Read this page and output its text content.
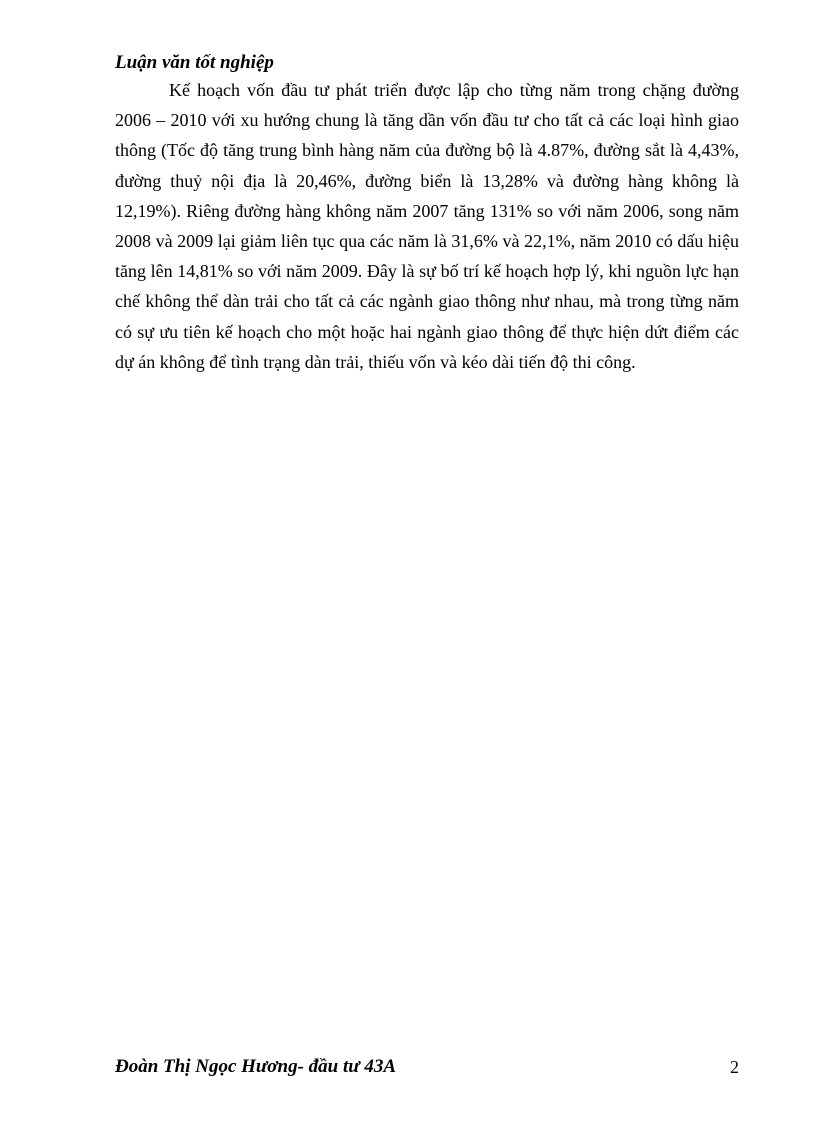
Luận văn tốt nghiệp

Kế hoạch vốn đầu tư phát triển được lập cho từng năm trong chặng đường 2006 – 2010 với xu hướng chung là tăng dần vốn đầu tư cho tất cả các loại hình giao thông (Tốc độ tăng trung bình hàng năm của đường bộ là 4.87%, đường sắt là 4,43%, đường thuỷ nội địa là 20,46%, đường biển là 13,28% và đường hàng không là 12,19%). Riêng đường hàng không năm 2007 tăng 131% so với năm 2006, song năm 2008 và 2009 lại giảm liên tục qua các năm là 31,6% và 22,1%, năm 2010 có dấu hiệu tăng lên 14,81% so với năm 2009. Đây là sự bố trí kế hoạch hợp lý, khi nguồn lực hạn chế không thể dàn trải cho tất cả các ngành giao thông như nhau, mà trong từng năm có sự ưu tiên kế hoạch cho một hoặc hai ngành giao thông để thực hiện dứt điểm các dự án không để tình trạng dàn trải, thiếu vốn và kéo dài tiến độ thi công.

Đoàn Thị Ngọc Hương- đầu tư 43A	2
